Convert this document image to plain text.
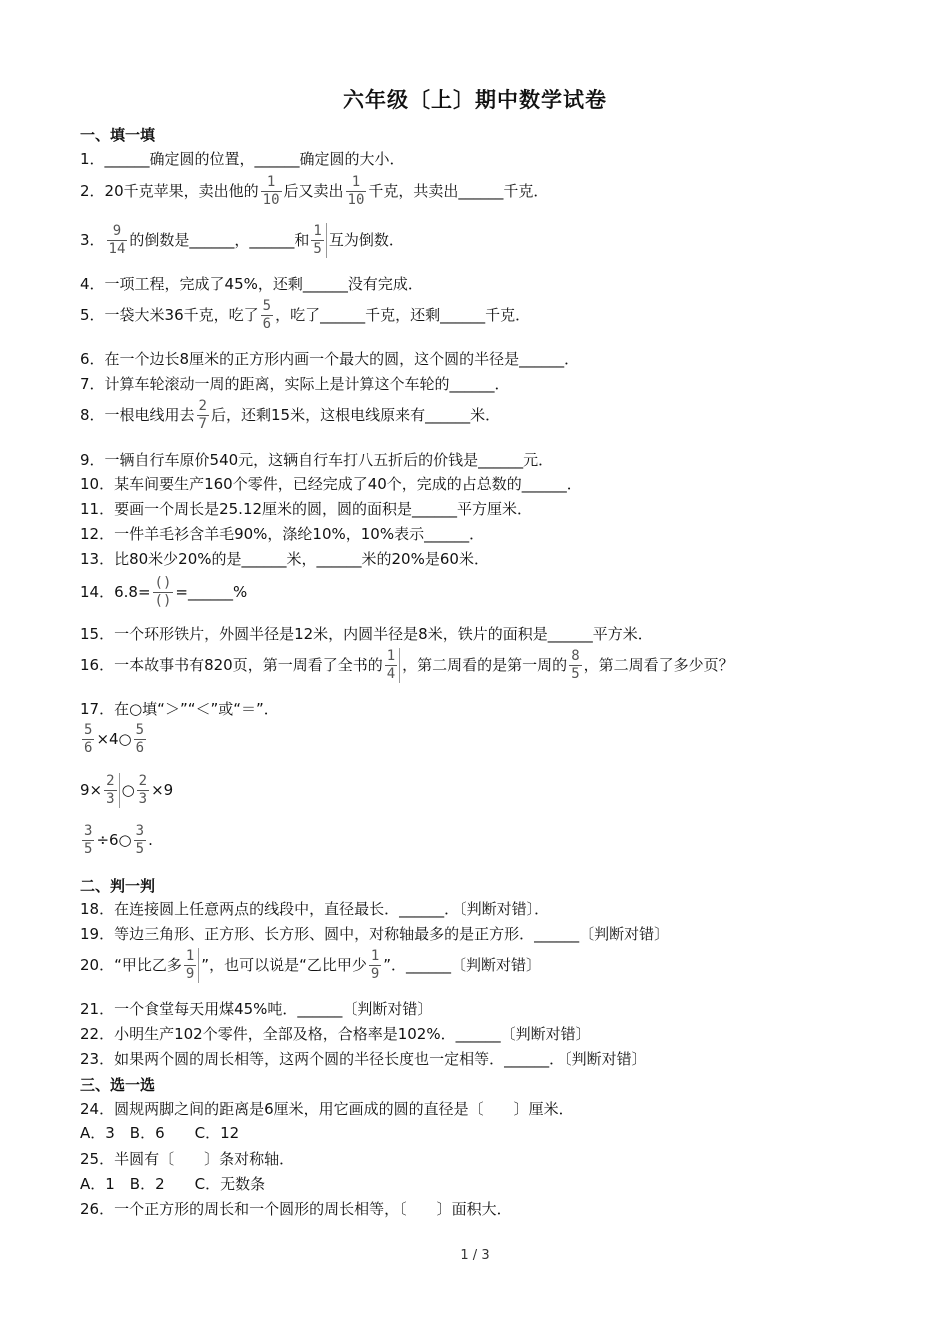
六年级〔上〕期中数学试卷
一、填一填
1．______确定圆的位置，______确定圆的大小．
2．20千克苹果，卖出他的 $\frac{1}{10}$ 后又卖出 $\frac{1}{10}$ 千克，共卖出______千克．
3． $\frac{9}{14}$ 的倒数是______，______和 $\frac{1}{5}$ 互为倒数．
4．一项工程，完成了45%，还剩______没有完成．
5．一袋大米36千克，吃了 $\frac{5}{6}$ ，吃了______千克，还剩______千克．
6．在一个边长8厘米的正方形内画一个最大的圆，这个圆的半径是______．
7．计算车轮滚动一周的距离，实际上是计算这个车轮的______．
8．一根电线用去 $\frac{2}{7}$ 后，还剩15米，这根电线原来有______米．
9．一辆自行车原价540元，这辆自行车打八五折后的价钱是______元．
10．某车间要生产160个零件，已经完成了40个，完成的占总数的______．
11．要画一个周长是25.12厘米的圆，圆的面积是______平方厘米．
12．一件羊毛衫含羊毛90%，涤纶10%，10%表示______．
13．比80米少20%的是______米，______米的20%是60米．
14．$6.8= \frac{()}{()}$ =______%
15．一个环形铁片，外圆半径是12米，内圆半径是8米，铁片的面积是______平方米．
16．一本故事书有820页，第一周看了全书的 $\frac{1}{4}$ ，第二周看的是第一周的 $\frac{8}{5}$ ，第二周看了多少页？
17．在○填“＞”“＜”或“＝”．
$\frac{5}{6}$ ×4○ $\frac{5}{6}$
$9\times \frac{2}{3}$ ○ $\frac{2}{3} \times 9$
$\frac{3}{5}$ ÷6○ $\frac{3}{5}$ .
二、判一判
18．在连接圆上任意两点的线段中，直径最长．______．〔判断对错〕．
19．等边三角形、正方形、长方形、圆中，对称轴最多的是正方形．______〔判断对错〕
20．“甲比乙多 $\frac{1}{9}$ ”，也可以说是“乙比甲少 $\frac{1}{9}$ ”．______〔判断对错〕
21．一个食堂每天用煤45%吨．______〔判断对错〕
22．小明生产102个零件，全部及格，合格率是102%．______〔判断对错〕
23．如果两个圆的周长相等，这两个圆的半径长度也一定相等．______．〔判断对错〕
三、选一选
24．圆规两脚之间的距离是6厘米，用它画成的圆的直径是〔　　〕厘米．
A．3　B．6　　C．12
25．半圆有〔　　〕条对称轴．
A．1　B．2　　C．无数条
26．一个正方形的周长和一个圆形的周长相等，〔　　〕面积大．
1 / 3
